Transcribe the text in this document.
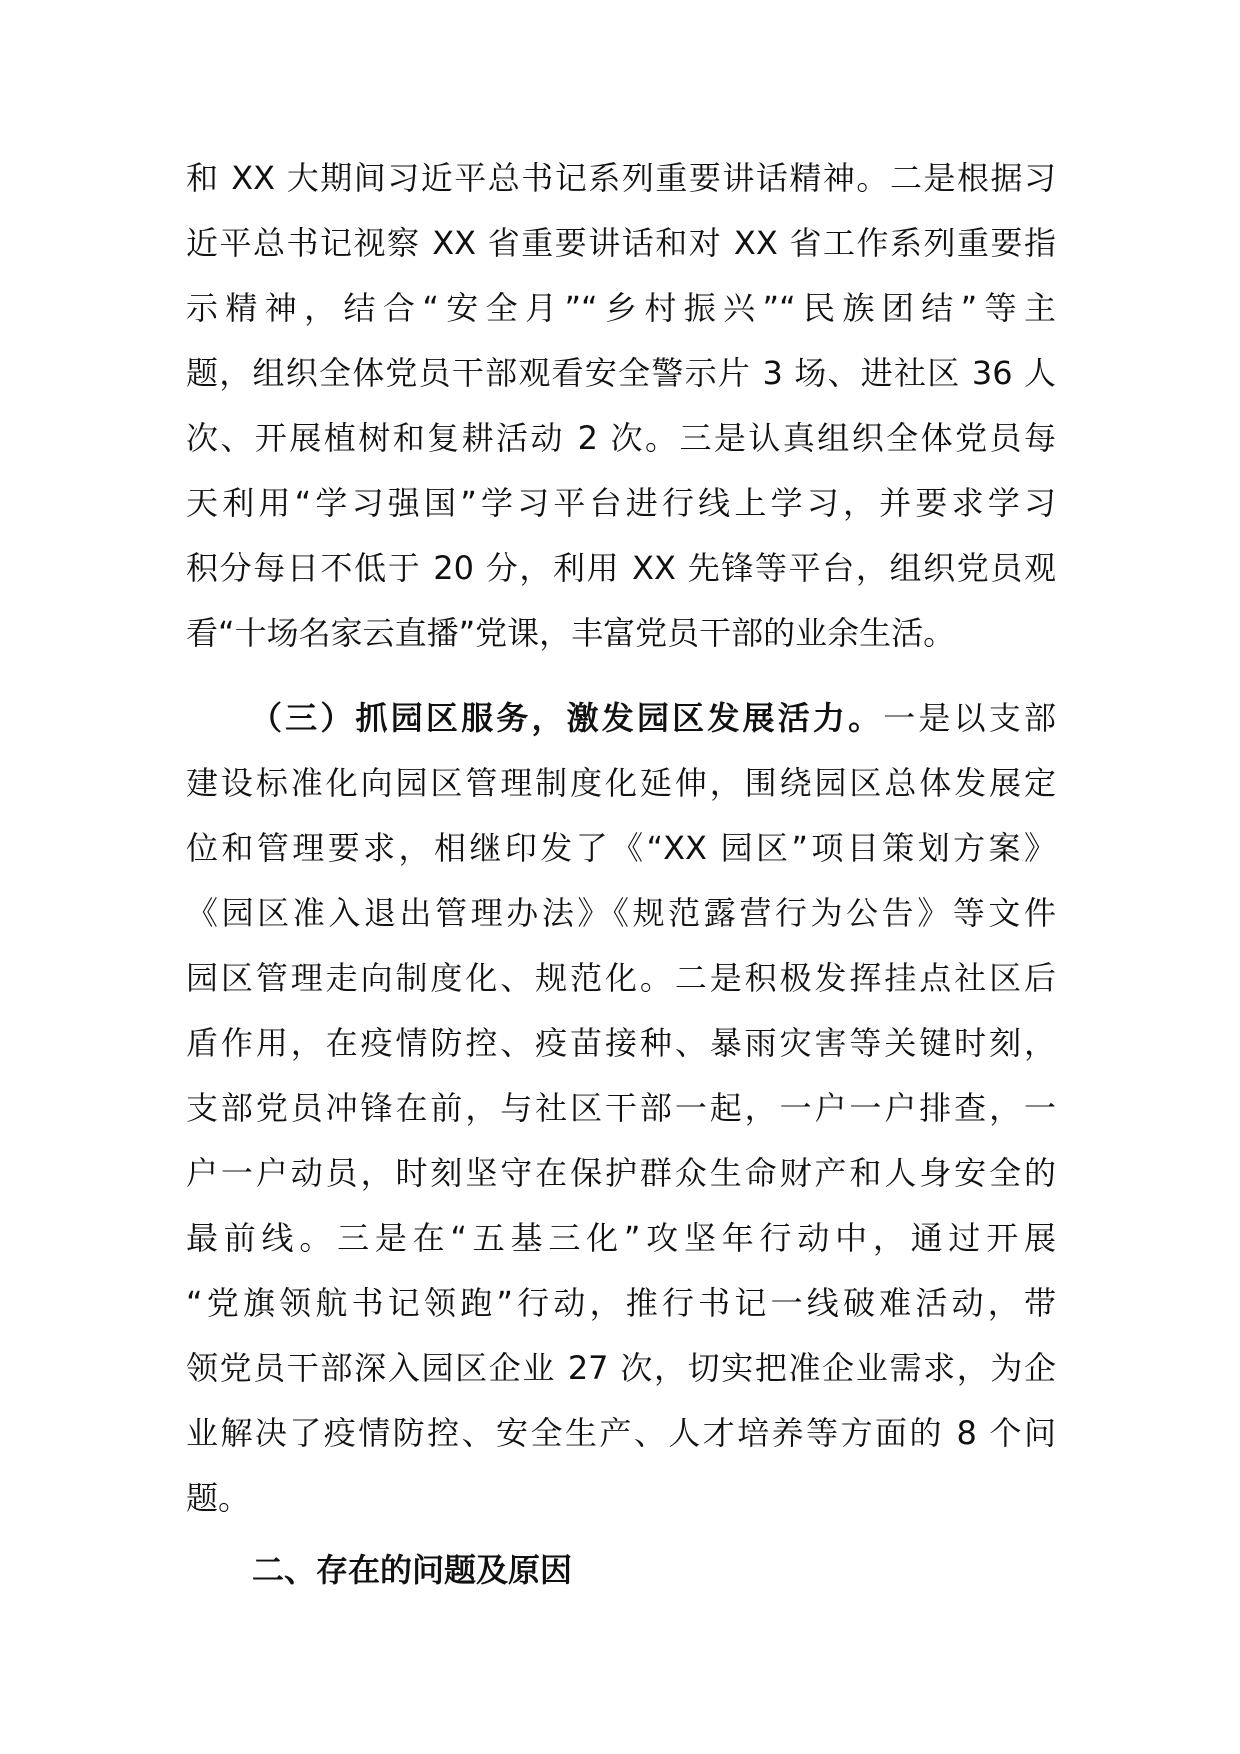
和 XX 大期间习近平总书记系列重要讲话精神。二是根据习
近平总书记视察 XX 省重要讲话和对 XX 省工作系列重要指
示精神，结合“安全月”“乡村振兴”“民族团结”等主
题，组织全体党员干部观看安全警示片 3 场、进社区 36 人
次、开展植树和复耕活动 2 次。三是认真组织全体党员每
天利用“学习强国”学习平台进行线上学习，并要求学习
积分每日不低于 20 分，利用 XX 先锋等平台，组织党员观
看“十场名家云直播”党课，丰富党员干部的业余生活。
（三）抓园区服务，激发园区发展活力。一是以支部
建设标准化向园区管理制度化延伸，围绕园区总体发展定
位和管理要求，相继印发了《“XX 园区”项目策划方案》
《园区准入退出管理办法》《规范露营行为公告》等文件
园区管理走向制度化、规范化。二是积极发挥挂点社区后
盾作用，在疫情防控、疫苗接种、暴雨灾害等关键时刻，
支部党员冲锋在前，与社区干部一起，一户一户排查，一
户一户动员，时刻坚守在保护群众生命财产和人身安全的
最前线。三是在“五基三化”攻坚年行动中，通过开展
“党旗领航书记领跑”行动，推行书记一线破难活动，带
领党员干部深入园区企业 27 次，切实把准企业需求，为企
业解决了疫情防控、安全生产、人才培养等方面的 8 个问
题。
二、存在的问题及原因
